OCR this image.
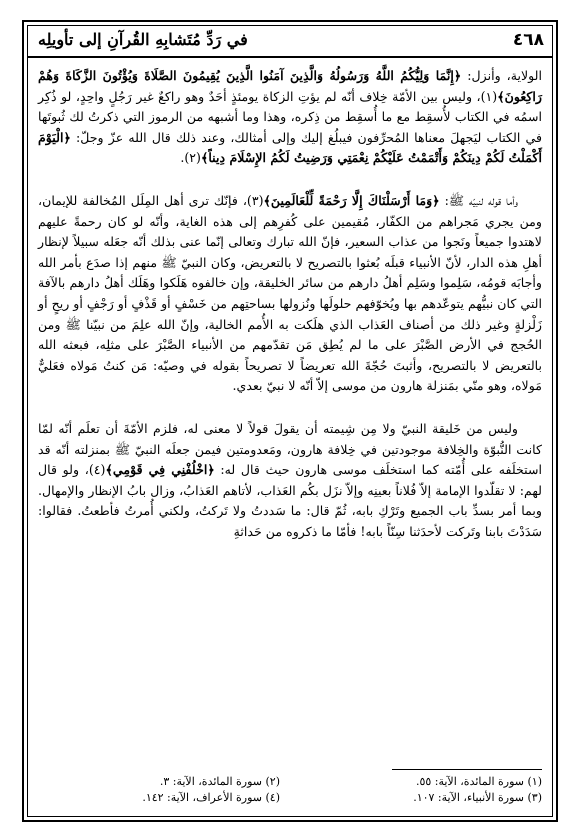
٤٦٨
في رَدِّ مُتَشابِهِ القُرآنِ إلى تأويلِه

الولاية، وأنزل: ﴿إِنَّمَا وَلِيُّكُمُ اللَّهُ وَرَسُولُهُ وَالَّذِينَ آمَنُوا الَّذِينَ يُقِيمُونَ الصَّلَاةَ وَيُؤْتُونَ الزَّكَاةَ وَهُمْ رَاكِعُونَ﴾(١)، وليس بين الأمّة خِلاف أنّه لم يؤتِ الزكاة يومئذٍ أحَدٌ وهو راكعٌ غير رَجُلٍ واحِدٍ، لو ذُكِر اسمُه في الكتاب لأُسقِط مع ما أُسقِط من ذِكره، وهذا وما أشبهه من الرموز التي ذكرتُ لك ثُبوتَها في الكتاب ليَجهلَ معناها المُحرِّفون فيبلُغ إليك وإلى أمثالك، وعند ذلك قال الله عزّ وجلّ: ﴿الْيَوْمَ أَكْمَلْتُ لَكُمْ دِينَكُمْ وَأَتْمَمْتُ عَلَيْكُمْ نِعْمَتِي وَرَضِيتُ لَكُمُ الإِسْلَامَ دِيناً﴾(٢).

وأما قوله لنبيّه ﷺ: ﴿وَمَا أَرْسَلْنَاكَ إِلَّا رَحْمَةً لِّلْعَالَمِينَ﴾(٣)، فإنّك ترى أهل المِلَل المُخالفة للإيمان، ومن يجري مَجراهم من الكفّار، مُقيمين على كُفرِهم إلى هذه الغاية، وأنّه لو كان رحمةً عليهم لاهتدوا جميعاً ونَجوا من عذاب السعير، فإنّ الله تبارك وتعالى إنّما عنى بذلك أنّه جعَله سبيلاً لإنظار أهلِ هذه الدار، لأنّ الأنبياء قبلَه بُعثوا بالتصريح لا بالتعريض، وكان النبيّ ﷺ منهم إذا صدَع بأمر الله وأجابَه قومُه، سَلِموا وسَلِم أهلُ دارهم من سائر الخليقة، وإن خالفوه هَلَكوا وهَلَك أهلُ دارهم بالآفة التي كان نبيُّهم يتوعّدهم بها ويُخوّفهم حلولَها ونُزولها بساحتِهم من خَسْفٍ أو قَذْفٍ أو رَجْفٍ أو ريحٍ أو زَلْزلةٍ وغير ذلك من أصناف العَذاب الذي هلَكت به الأُمم الخالية، وإنّ الله علِمَ من نبيّنا ﷺ ومن الحُجج في الأرض الصَّبْرَ على ما لم يُطِق مَن تقدّمهم من الأنبياء الصَّبْرَ على مثلِه، فبعثه الله بالتعريض لا بالتصريح، وأثبتَ حُجّةَ الله تعريضاً لا تصريحاً بقوله في وصيّه: مَن كنتُ مَولاه فعَليٌّ مَولاه، وهو منّي بمَنزلة هارون من موسى إلاّ أنّه لا نبيّ بعدي.

وليس من خَليقة النبيّ ولا مِن شِيمته أن يقولَ قولاً لا معنى له، فلزم الأمّةَ أن تعلَم أنّه لمّا كانت النُّبوّة والخِلافة موجودتين في خِلافة هارون، ومَعدومتين فيمن جعلَه النبيّ ﷺ بمنزلته أنّه قد استخلَفه على أُمّته كما استخلَف موسى هارون حيث قال له: ﴿اخْلُفْنِي فِي قَوْمِي﴾(٤)، ولو قال لهم: لا تقلّدوا الإمامة إلاّ فُلاناً بعينِه وإلاّ نزَل بكُم العَذاب، لأتاهم العَذابُ، وزال بابُ الإنظار والإمهال. وبما أمر بسدِّ باب الجميع وتَرْكِ بابه، ثُمّ قال: ما سَددتُ ولا تَركتُ، ولكني أُمرتُ فأطعتُ. فقالوا: سَدَدْتَ بابنا وتَركت لأحدَثنا سِنّاً بابه! فأمّا ما ذكروه من حَداثةِ

(١) سورة المائدة، الآية: ٥٥.
(٢) سورة المائدة، الآية: ٣.
(٣) سورة الأنبياء، الآية: ١٠٧.
(٤) سورة الأعراف، الآية: ١٤٢.
